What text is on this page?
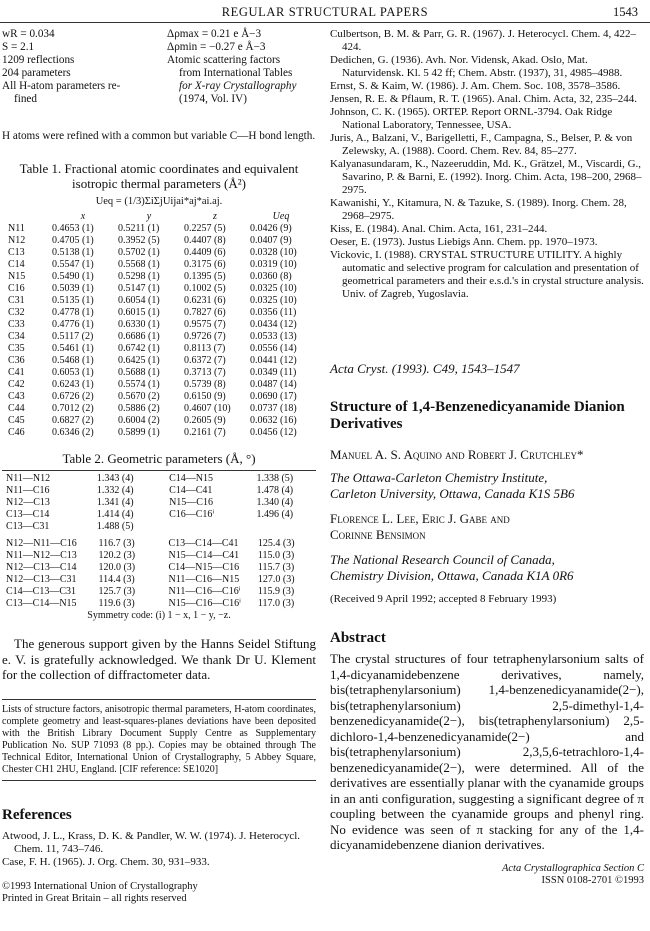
REGULAR STRUCTURAL PAPERS	1543
wR = 0.034
S = 2.1
1209 reflections
204 parameters
All H-atom parameters re-
fined
Δρmax = 0.21 e Å−3
Δρmin = −0.27 e Å−3
Atomic scattering factors
from International Tables
for X-ray Crystallography
(1974, Vol. IV)

H atoms were refined with a common but variable C—H bond length.

Table 1. Fractional atomic coordinates and equivalent isotropic thermal parameters (Å²)
Ueq = (1/3)ΣiΣjUijai*aj*ai.aj.
	x	y	z	Ueq
N11	0.4653 (1)	0.5211 (1)	0.2257 (5)	0.0426 (9)
N12	0.4705 (1)	0.3952 (5)	0.4407 (8)	0.0407 (9)
C13	0.5138 (1)	0.5702 (1)	0.4409 (6)	0.0328 (10)
C14	0.5547 (1)	0.5568 (1)	0.3175 (6)	0.0319 (10)
N15	0.5490 (1)	0.5298 (1)	0.1395 (5)	0.0360 (8)
C16	0.5039 (1)	0.5147 (1)	0.1002 (5)	0.0325 (10)
C31	0.5135 (1)	0.6054 (1)	0.6231 (6)	0.0325 (10)
C32	0.4778 (1)	0.6015 (1)	0.7827 (6)	0.0356 (11)
C33	0.4776 (1)	0.6330 (1)	0.9575 (7)	0.0434 (12)
C34	0.5117 (2)	0.6686 (1)	0.9726 (7)	0.0533 (13)
C35	0.5461 (1)	0.6742 (1)	0.8113 (7)	0.0556 (14)
C36	0.5468 (1)	0.6425 (1)	0.6372 (7)	0.0441 (12)
C41	0.6053 (1)	0.5688 (1)	0.3713 (7)	0.0349 (11)
C42	0.6243 (1)	0.5574 (1)	0.5739 (8)	0.0487 (14)
C43	0.6726 (2)	0.5670 (2)	0.6150 (9)	0.0690 (17)
C44	0.7012 (2)	0.5886 (2)	0.4607 (10)	0.0737 (18)
C45	0.6827 (2)	0.6004 (2)	0.2605 (9)	0.0632 (16)
C46	0.6346 (2)	0.5899 (1)	0.2161 (7)	0.0456 (12)
Table 2. Geometric parameters (Å, °)
N11—N12	1.343 (4)	C14—N15	1.338 (5)
N11—C16	1.332 (4)	C14—C41	1.478 (4)
N12—C13	1.341 (4)	N15—C16	1.340 (4)
C13—C14	1.414 (4)	C16—C16ⁱ	1.496 (4)
C13—C31	1.488 (5)		
N12—N11—C16	116.7 (3)	C13—C14—C41	125.4 (3)
N11—N12—C13	120.2 (3)	N15—C14—C41	115.0 (3)
N12—C13—C14	120.0 (3)	C14—N15—C16	115.7 (3)
N12—C13—C31	114.4 (3)	N11—C16—N15	127.0 (3)
C14—C13—C31	125.7 (3)	N11—C16—C16ⁱ	115.9 (3)
C13—C14—N15	119.6 (3)	N15—C16—C16ⁱ	117.0 (3)
Symmetry code: (i) 1 − x, 1 − y, −z.

The generous support given by the Hanns Seidel Stiftung e. V. is gratefully acknowledged. We thank Dr U. Klement for the collection of diffractometer data.

Lists of structure factors, anisotropic thermal parameters, H-atom coordinates, complete geometry and least-squares-planes deviations have been deposited with the British Library Document Supply Centre as Supplementary Publication No. SUP 71093 (8 pp.). Copies may be obtained through The Technical Editor, International Union of Crystallography, 5 Abbey Square, Chester CH1 2HU, England. [CIF reference: SE1020]
References

Atwood, J. L., Krass, D. K. & Pandler, W. W. (1974). J. Heterocycl. Chem. 11, 743–746.

Case, F. H. (1965). J. Org. Chem. 30, 931–933.

©1993 International Union of Crystallography
Printed in Great Britain – all rights reserved

Culbertson, B. M. & Parr, G. R. (1967). J. Heterocycl. Chem. 4, 422–424.

Dedichen, G. (1936). Avh. Nor. Vidensk, Akad. Oslo, Mat. Naturvidensk. Kl. 5 42 ff; Chem. Abstr. (1937), 31, 4985–4988.

Ernst, S. & Kaim, W. (1986). J. Am. Chem. Soc. 108, 3578–3586.

Jensen, R. E. & Pflaum, R. T. (1965). Anal. Chim. Acta, 32, 235–244.

Johnson, C. K. (1965). ORTEP. Report ORNL-3794. Oak Ridge National Laboratory, Tennessee, USA.

Juris, A., Balzani, V., Barigelletti, F., Campagna, S., Belser, P. & von Zelewsky, A. (1988). Coord. Chem. Rev. 84, 85–277.

Kalyanasundaram, K., Nazeeruddin, Md. K., Grätzel, M., Viscardi, G., Savarino, P. & Barni, E. (1992). Inorg. Chim. Acta, 198–200, 2968–2975.

Kawanishi, Y., Kitamura, N. & Tazuke, S. (1989). Inorg. Chem. 28, 2968–2975.

Kiss, E. (1984). Anal. Chim. Acta, 161, 231–244.

Oeser, E. (1973). Justus Liebigs Ann. Chem. pp. 1970–1973.

Vickovic, I. (1988). CRYSTAL STRUCTURE UTILITY. A highly automatic and selective program for calculation and presentation of geometrical parameters and their e.s.d.'s in crystal structure analysis. Univ. of Zagreb, Yugoslavia.

Acta Cryst. (1993). C49, 1543–1547
Structure of 1,4-Benzenedicyanamide Dianion Derivatives
Manuel A. S. Aquino and Robert J. Crutchley*
The Ottawa-Carleton Chemistry Institute,
Carleton University, Ottawa, Canada K1S 5B6
Florence L. Lee, Eric J. Gabe and
Corinne Bensimon
The National Research Council of Canada,
Chemistry Division, Ottawa, Canada K1A 0R6
(Received 9 April 1992; accepted 8 February 1993)
Abstract

The crystal structures of four tetraphenylarsonium salts of 1,4-dicyanamidebenzene derivatives, namely, bis(tetraphenylarsonium) 1,4-benzenedicyanamide(2−), bis(tetraphenylarsonium) 2,5-dimethyl-1,4-benzenedicyanamide(2−), bis(tetraphenylarsonium) 2,5-dichloro-1,4-benzenedicyanamide(2−) and bis(tetraphenylarsonium) 2,3,5,6-tetrachloro-1,4-benzenedicyanamide(2−), were determined. All of the derivatives are essentially planar with the cyanamide groups in an anti configuration, suggesting a significant degree of π coupling between the cyanamide groups and phenyl ring. No evidence was seen of π stacking for any of the 1,4-dicyanamidebenzene dianion derivatives.

Acta Crystallographica Section C
ISSN 0108-2701 ©1993
